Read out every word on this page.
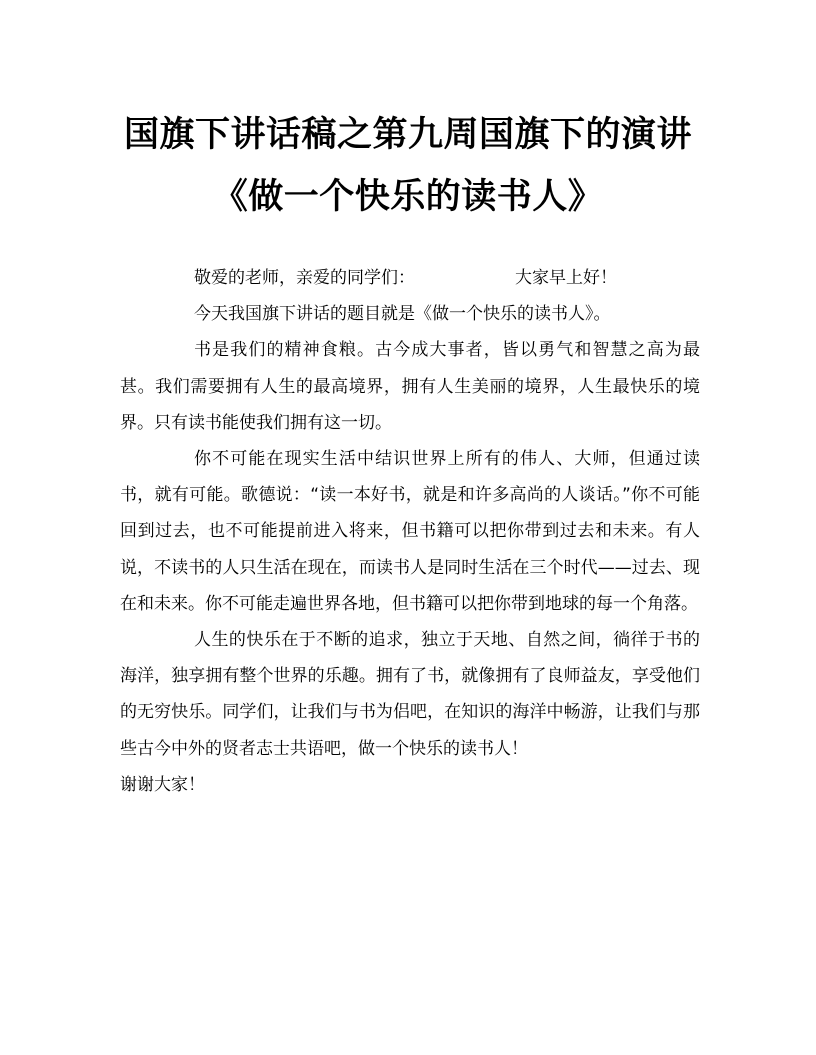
国旗下讲话稿之第九周国旗下的演讲
《做一个快乐的读书人》

敬爱的老师，亲爱的同学们：	大家早上好！

今天我国旗下讲话的题目就是《做一个快乐的读书人》。

书是我们的精神食粮。古今成大事者，皆以勇气和智慧之高为最甚。我们需要拥有人生的最高境界，拥有人生美丽的境界，人生最快乐的境界。只有读书能使我们拥有这一切。

你不可能在现实生活中结识世界上所有的伟人、大师，但通过读书，就有可能。歌德说：“读一本好书，就是和许多高尚的人谈话。”你不可能回到过去，也不可能提前进入将来，但书籍可以把你带到过去和未来。有人说，不读书的人只生活在现在，而读书人是同时生活在三个时代——过去、现在和未来。你不可能走遍世界各地，但书籍可以把你带到地球的每一个角落。

人生的快乐在于不断的追求，独立于天地、自然之间，徜徉于书的海洋，独享拥有整个世界的乐趣。拥有了书，就像拥有了良师益友，享受他们的无穷快乐。同学们，让我们与书为侣吧，在知识的海洋中畅游，让我们与那些古今中外的贤者志士共语吧，做一个快乐的读书人！

谢谢大家！
